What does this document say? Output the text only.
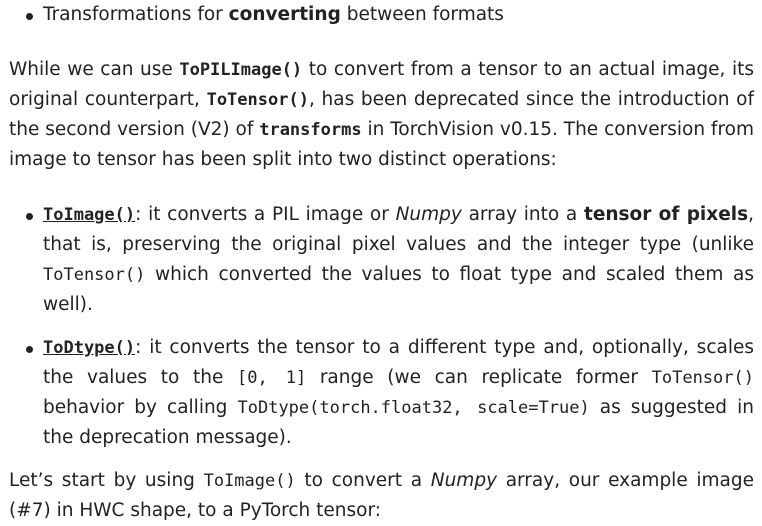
Transformations for converting between formats

While we can use ToPILImage() to convert from a tensor to an actual image, its original counterpart, ToTensor(), has been deprecated since the introduction of the second version (V2) of transforms in TorchVision v0.15. The conversion from image to tensor has been split into two distinct operations:

ToImage(): it converts a PIL image or Numpy array into a tensor of pixels, that is, preserving the original pixel values and the integer type (unlike ToTensor() which converted the values to float type and scaled them as well).
ToDtype(): it converts the tensor to a different type and, optionally, scales the values to the [0, 1] range (we can replicate former ToTensor() behavior by calling ToDtype(torch.float32, scale=True) as suggested in the deprecation message).

Let’s start by using ToImage() to convert a Numpy array, our example image (#7) in HWC shape, to a PyTorch tensor:
